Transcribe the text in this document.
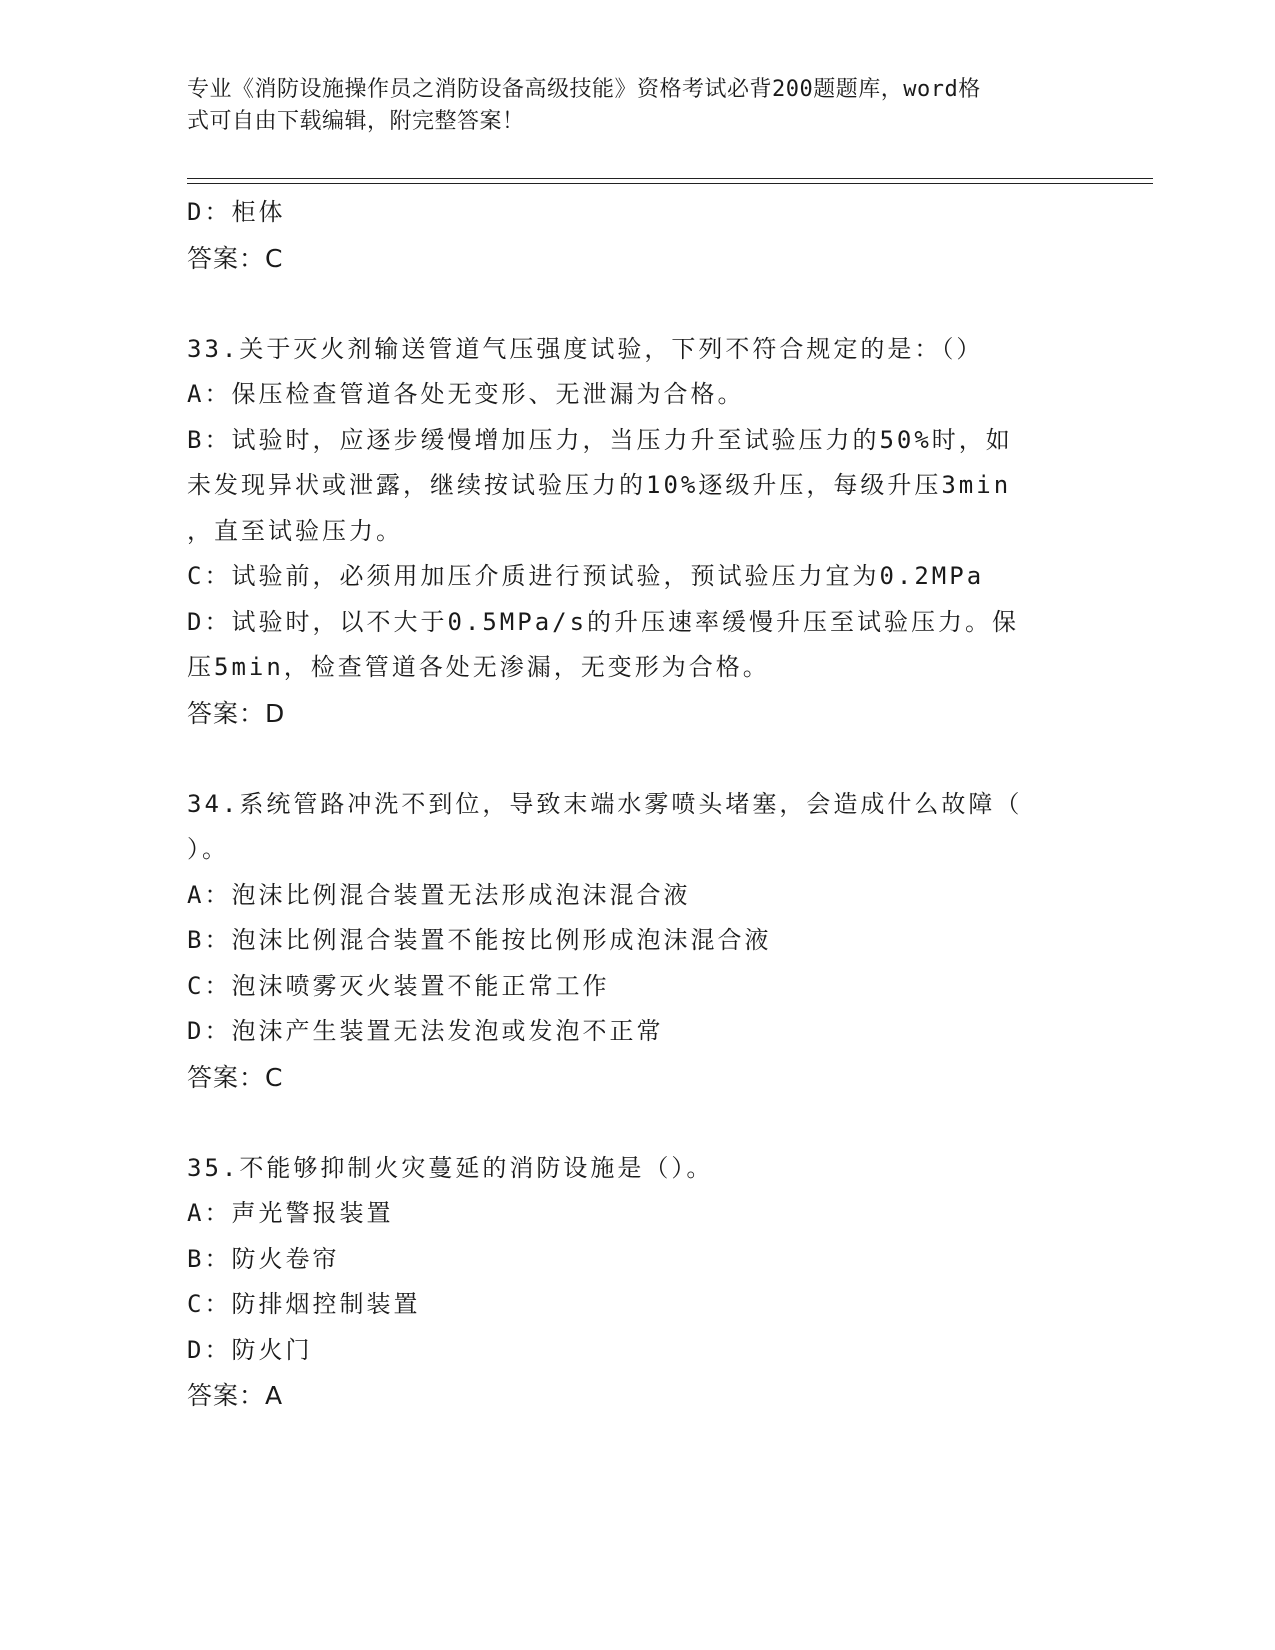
专业《消防设施操作员之消防设备高级技能》资格考试必背200题题库，word格
式可自由下载编辑，附完整答案！
D：柜体
答案：C
33.关于灭火剂输送管道气压强度试验，下列不符合规定的是：（）
A：保压检查管道各处无变形、无泄漏为合格。
B：试验时，应逐步缓慢增加压力，当压力升至试验压力的50%时，如
未发现异状或泄露，继续按试验压力的10%逐级升压，每级升压3min
，直至试验压力。
C：试验前，必须用加压介质进行预试验，预试验压力宜为0.2MPa
D：试验时，以不大于0.5MPa/s的升压速率缓慢升压至试验压力。保
压5min，检查管道各处无渗漏，无变形为合格。
答案：D
34.系统管路冲洗不到位，导致末端水雾喷头堵塞，会造成什么故障（
）。
A：泡沫比例混合装置无法形成泡沫混合液
B：泡沫比例混合装置不能按比例形成泡沫混合液
C：泡沫喷雾灭火装置不能正常工作
D：泡沫产生装置无法发泡或发泡不正常
答案：C
35.不能够抑制火灾蔓延的消防设施是（）。
A：声光警报装置
B：防火卷帘
C：防排烟控制装置
D：防火门
答案：A
